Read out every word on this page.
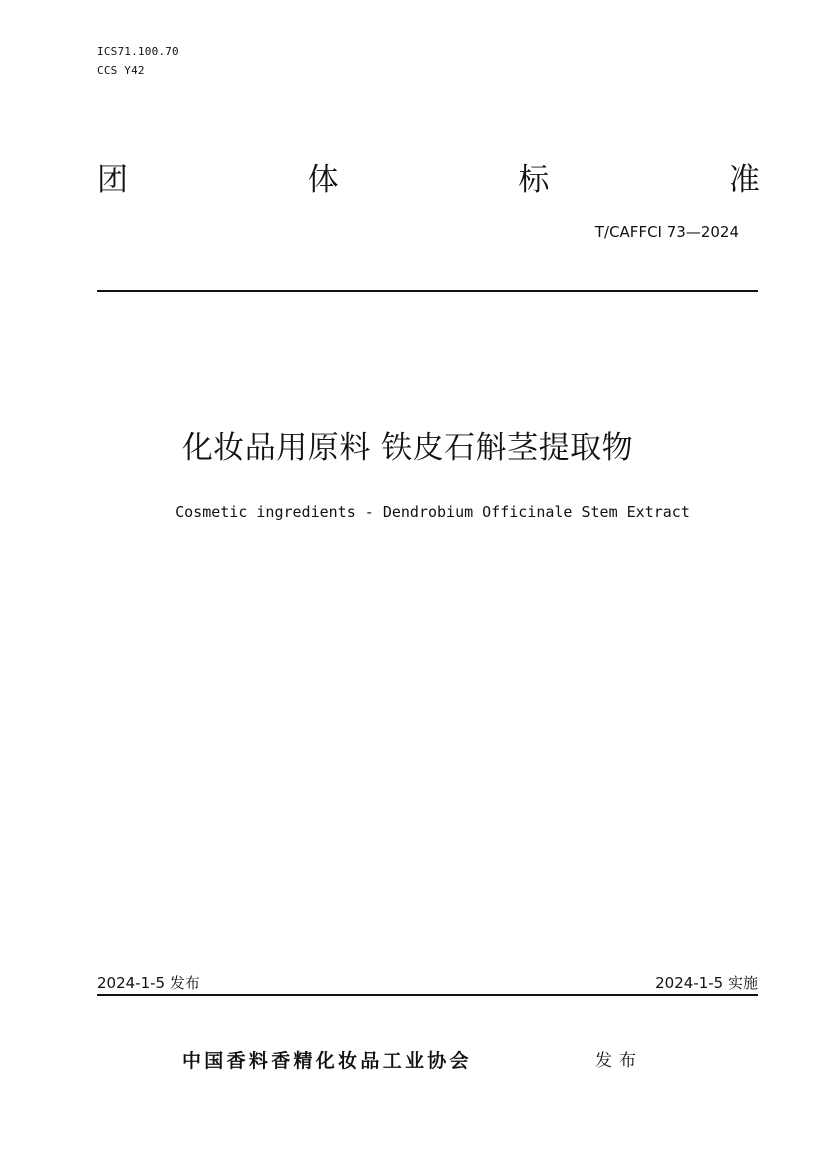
ICS71.100.70
CCS Y42
团	体	标	准
T/CAFFCI 73—2024
化妆品用原料 铁皮石斛茎提取物
Cosmetic ingredients - Dendrobium Officinale Stem Extract
2024-1-5 发布	2024-1-5 实施
中国香料香精化妆品工业协会	发布
